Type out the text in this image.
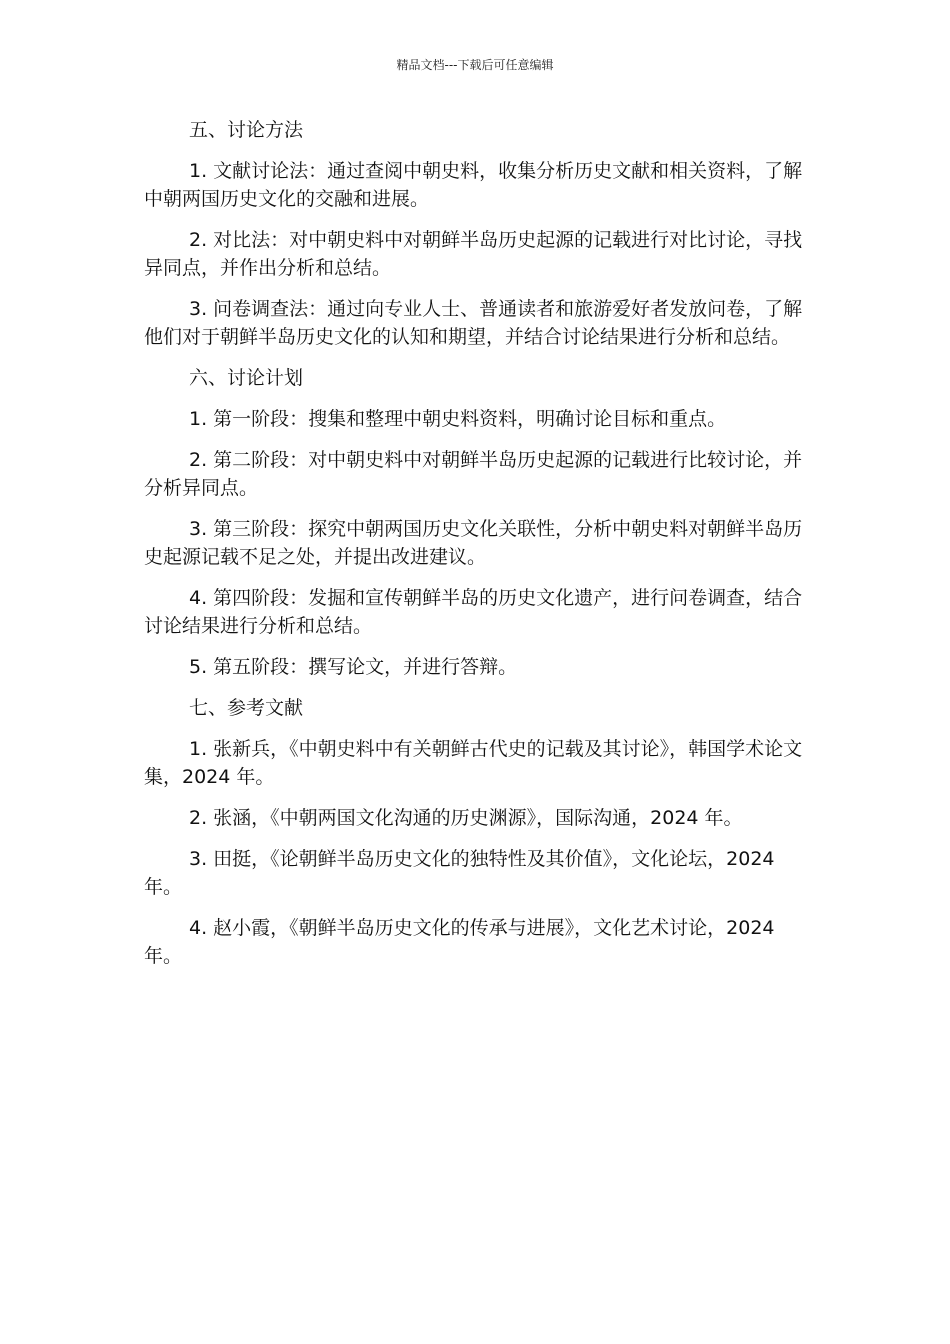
精品文档---下载后可任意编辑

五、讨论方法

1. 文献讨论法：通过查阅中朝史料，收集分析历史文献和相关资料，了解中朝两国历史文化的交融和进展。

2. 对比法：对中朝史料中对朝鲜半岛历史起源的记载进行对比讨论，寻找异同点，并作出分析和总结。

3. 问卷调查法：通过向专业人士、普通读者和旅游爱好者发放问卷，了解他们对于朝鲜半岛历史文化的认知和期望，并结合讨论结果进行分析和总结。

六、讨论计划

1. 第一阶段：搜集和整理中朝史料资料，明确讨论目标和重点。

2. 第二阶段：对中朝史料中对朝鲜半岛历史起源的记载进行比较讨论，并分析异同点。

3. 第三阶段：探究中朝两国历史文化关联性，分析中朝史料对朝鲜半岛历史起源记载不足之处，并提出改进建议。

4. 第四阶段：发掘和宣传朝鲜半岛的历史文化遗产，进行问卷调查，结合讨论结果进行分析和总结。

5. 第五阶段：撰写论文，并进行答辩。

七、参考文献

1. 张新兵，《中朝史料中有关朝鲜古代史的记载及其讨论》，韩国学术论文集，2024 年。

2. 张涵，《中朝两国文化沟通的历史渊源》，国际沟通，2024 年。

3. 田挺，《论朝鲜半岛历史文化的独特性及其价值》，文化论坛，2024 年。

4. 赵小霞，《朝鲜半岛历史文化的传承与进展》，文化艺术讨论，2024 年。
